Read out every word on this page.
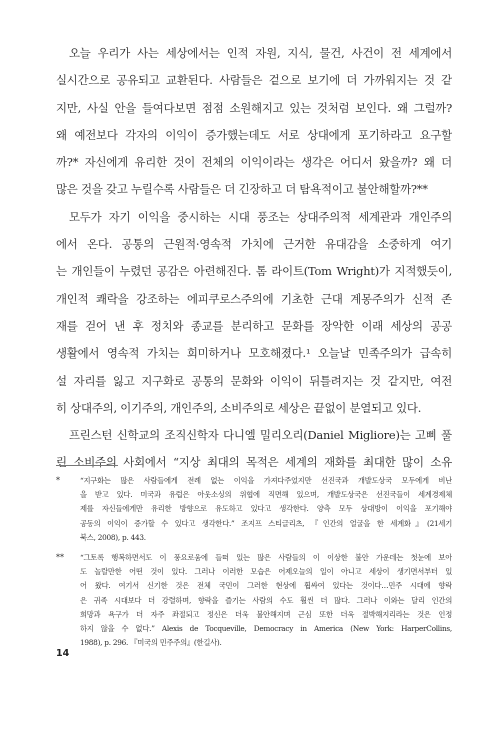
오늘 우리가 사는 세상에서는 인적 자원, 지식, 물건, 사건이 전 세계에서
실시간으로 공유되고 교환된다. 사람들은 겉으로 보기에 더 가까워지는 것 같
지만, 사실 안을 들여다보면 점점 소원해지고 있는 것처럼 보인다. 왜 그럴까?
왜 예전보다 각자의 이익이 증가했는데도 서로 상대에게 포기하라고 요구할
까?* 자신에게 유리한 것이 전체의 이익이라는 생각은 어디서 왔을까? 왜 더
많은 것을 갖고 누릴수록 사람들은 더 긴장하고 더 탐욕적이고 불안해할까?**
모두가 자기 이익을 중시하는 시대 풍조는 상대주의적 세계관과 개인주의
에서 온다. 공통의 근원적·영속적 가치에 근거한 유대감을 소중하게 여기
는 개인들이 누렸던 공감은 아련해진다. 톰 라이트(Tom Wright)가 지적했듯이,
개인적 쾌락을 강조하는 에피쿠로스주의에 기초한 근대 계몽주의가 신적 존
재를 걷어 낸 후 정치와 종교를 분리하고 문화를 장악한 이래 세상의 공공
생활에서 영속적 가치는 희미하거나 모호해졌다.¹ 오늘날 민족주의가 급속히
설 자리를 잃고 지구화로 공통의 문화와 이익이 뒤틀려지는 것 같지만, 여전
히 상대주의, 이기주의, 개인주의, 소비주의로 세상은 끝없이 분열되고 있다.
프린스턴 신학교의 조직신학자 다니엘 밀리오리(Daniel Migliore)는 고삐 풀
린 소비주의 사회에서 “지상 최대의 목적은 세계의 재화를 최대한 많이 소유
*	“지구화는 많은 사람들에게 전례 없는 이익을 가져다주었지만 선진국과 개발도상국 모두에게 비난
을 받고 있다. 미국과 유럽은 아웃소싱의 위협에 직면해 있으며, 개발도상국은 선진국들이 세계경제체
제를 자신들에게만 유리한 방향으로 유도하고 있다고 생각한다. 양측 모두 상대방이 이익을 포기해야
공동의 이익이 증가할 수 있다고 생각한다.” 조지프 스티글리츠, 『인간의 얼굴을 한 세계화』(21세기
북스, 2008), p. 443.
** “그토록 행복하면서도 이 풍요로움에 들떠 있는 많은 사람들의 이 이상한 불안 가운데는 첫눈에 보아
도 놀랄만한 어떤 것이 있다. 그러나 이러한 모습은 어제오늘의 일이 아니고 세상이 생기면서부터 있
어 왔다. 여기서 신기한 것은 전체 국민이 그러한 현상에 휩싸여 있다는 것이다…민주 시대에 향락
은 귀족 시대보다 더 강렬하며, 향락을 즐기는 사람의 수도 훨씬 더 많다. 그러나 이와는 달리 인간의
희망과 욕구가 더 자주 좌절되고 정신은 더욱 불안해지며 근심 또한 더욱 절박해지리라는 것은 인정
하지 않을 수 없다.” Alexis de Tocqueville, Democracy in America (New York: HarperCollins,
1988), p. 296. 『미국의 민주주의』(한길사).
14
